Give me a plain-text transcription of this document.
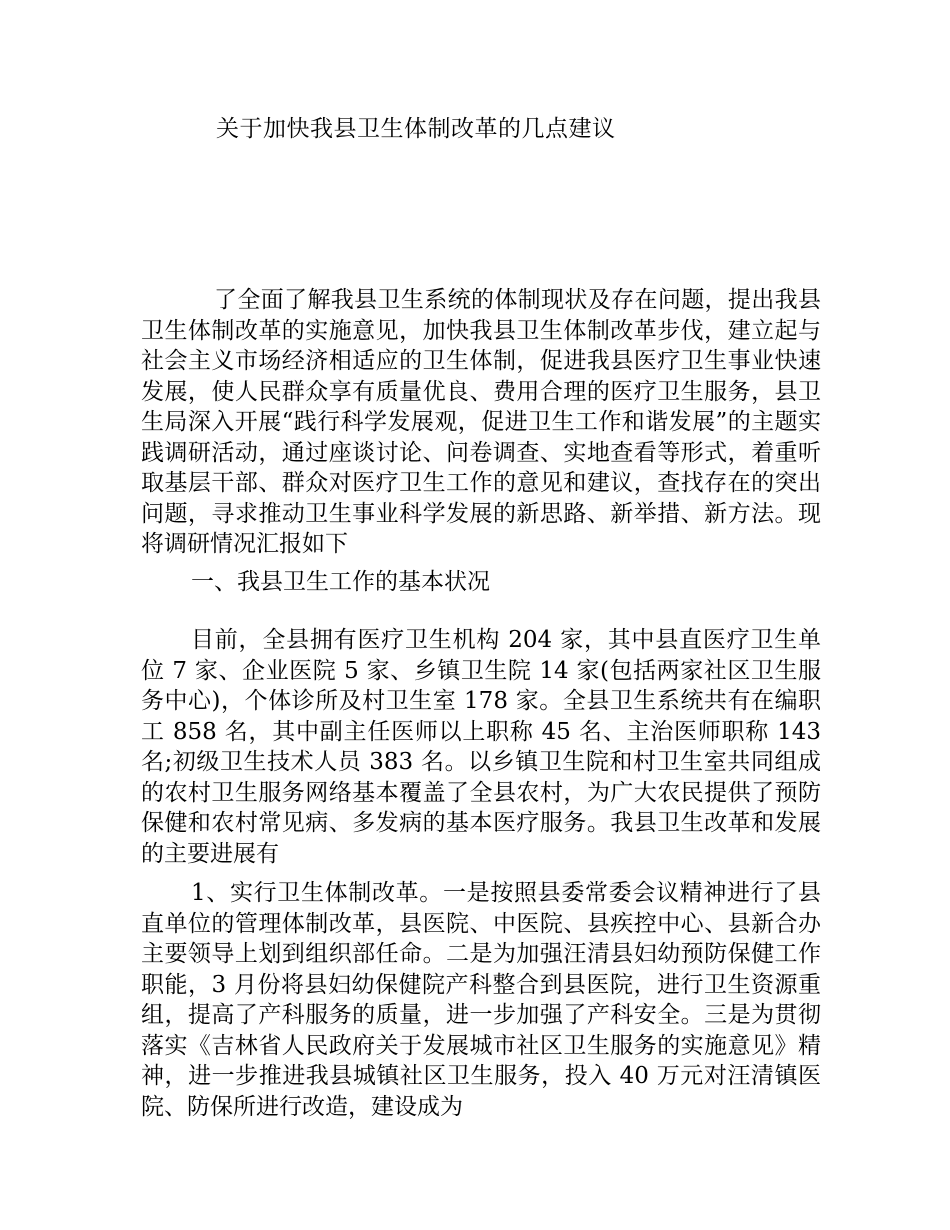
关于加快我县卫生体制改革的几点建议

了全面了解我县卫生系统的体制现状及存在问题，提出我县卫生体制改革的实施意见，加快我县卫生体制改革步伐，建立起与社会主义市场经济相适应的卫生体制，促进我县医疗卫生事业快速发展，使人民群众享有质量优良、费用合理的医疗卫生服务，县卫生局深入开展“践行科学发展观，促进卫生工作和谐发展”的主题实践调研活动，通过座谈讨论、问卷调查、实地查看等形式，着重听取基层干部、群众对医疗卫生工作的意见和建议，查找存在的突出问题，寻求推动卫生事业科学发展的新思路、新举措、新方法。现将调研情况汇报如下

一、我县卫生工作的基本状况

目前，全县拥有医疗卫生机构 204 家，其中县直医疗卫生单位 7 家、企业医院 5 家、乡镇卫生院 14 家(包括两家社区卫生服务中心)，个体诊所及村卫生室 178 家。全县卫生系统共有在编职工 858 名，其中副主任医师以上职称 45 名、主治医师职称 143 名;初级卫生技术人员 383 名。以乡镇卫生院和村卫生室共同组成的农村卫生服务网络基本覆盖了全县农村，为广大农民提供了预防保健和农村常见病、多发病的基本医疗服务。我县卫生改革和发展的主要进展有

1、实行卫生体制改革。一是按照县委常委会议精神进行了县直单位的管理体制改革，县医院、中医院、县疾控中心、县新合办主要领导上划到组织部任命。二是为加强汪清县妇幼预防保健工作职能，3 月份将县妇幼保健院产科整合到县医院，进行卫生资源重组，提高了产科服务的质量，进一步加强了产科安全。三是为贯彻落实《吉林省人民政府关于发展城市社区卫生服务的实施意见》精神，进一步推进我县城镇社区卫生服务，投入 40 万元对汪清镇医院、防保所进行改造，建设成为
